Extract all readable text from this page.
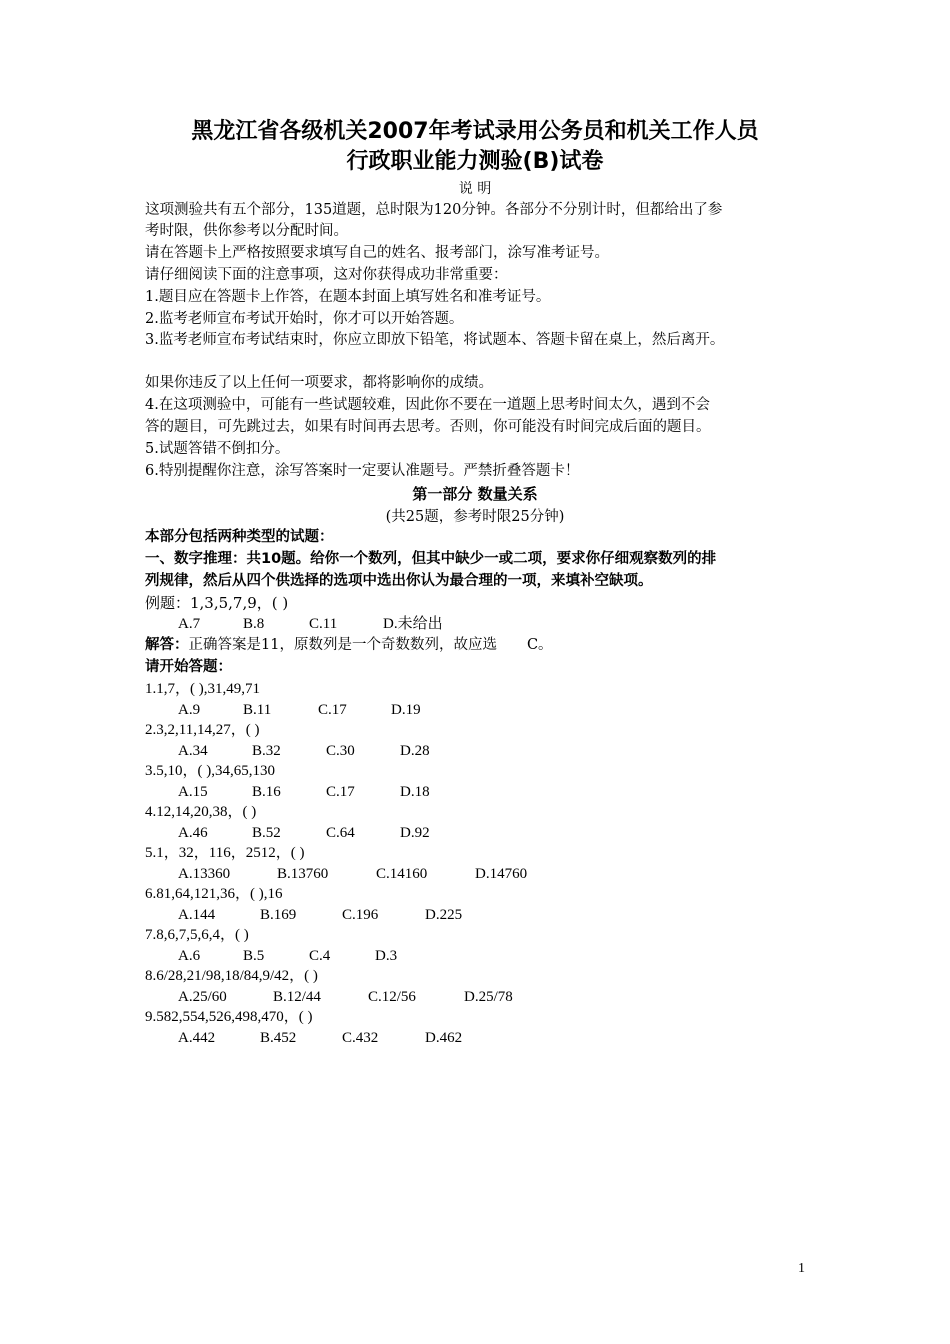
黑龙江省各级机关2007年考试录用公务员和机关工作人员
行政职业能力测验(B)试卷
说 明
这项测验共有五个部分，135道题，总时限为120分钟。各部分不分别计时，但都给出了参
考时限，供你参考以分配时间。
请在答题卡上严格按照要求填写自己的姓名、报考部门，涂写准考证号。
请仔细阅读下面的注意事项，这对你获得成功非常重要：
1.题目应在答题卡上作答，在题本封面上填写姓名和准考证号。
2.监考老师宣布考试开始时，你才可以开始答题。
3.监考老师宣布考试结束时，你应立即放下铅笔，将试题本、答题卡留在桌上，然后离开。
如果你违反了以上任何一项要求，都将影响你的成绩。
4.在这项测验中，可能有一些试题较难，因此你不要在一道题上思考时间太久，遇到不会
答的题目，可先跳过去，如果有时间再去思考。否则，你可能没有时间完成后面的题目。
5.试题答错不倒扣分。
6.特别提醒你注意，涂写答案时一定要认准题号。严禁折叠答题卡！
第一部分 数量关系
(共25题，参考时限25分钟)
本部分包括两种类型的试题：
一、数字推理：共10题。给你一个数列，但其中缺少一或二项，要求你仔细观察数列的排
列规律，然后从四个供选择的选项中选出你认为最合理的一项，来填补空缺项。
例题：1,3,5,7,9，( )
A.7	B.8	C.11	D.未给出
解答：正确答案是11，原数列是一个奇数数列，故应选 C。
请开始答题：
1.1,7，( ),31,49,71
A.9	B.11	C.17	D.19
2.3,2,11,14,27，( )
A.34	B.32	C.30	D.28
3.5,10，( ),34,65,130
A.15	B.16	C.17	D.18
4.12,14,20,38，( )
A.46	B.52	C.64	D.92
5.1，32，116，2512，( )
A.13360	B.13760	C.14160	D.14760
6.81,64,121,36，( ),16
A.144	B.169	C.196	D.225
7.8,6,7,5,6,4，( )
A.6	B.5	C.4	D.3
8.6/28,21/98,18/84,9/42，( )
A.25/60	B.12/44	C.12/56	D.25/78
9.582,554,526,498,470，( )
A.442	B.452	C.432	D.462
1
